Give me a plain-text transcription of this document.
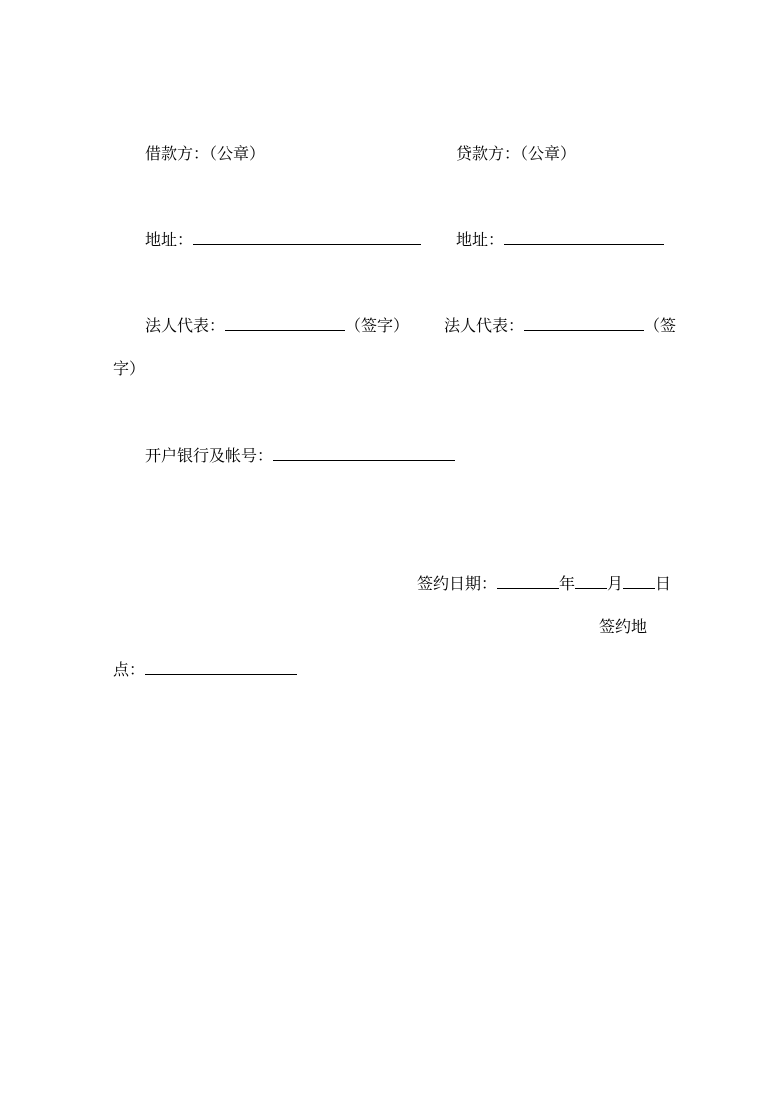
借款方：（公章）	贷款方：（公章）
地址：	地址：
法人代表：	（签字） 法人代表：	（签
字）
开户银行及帐号：
签约日期：	年 月 日
签约地
点：
